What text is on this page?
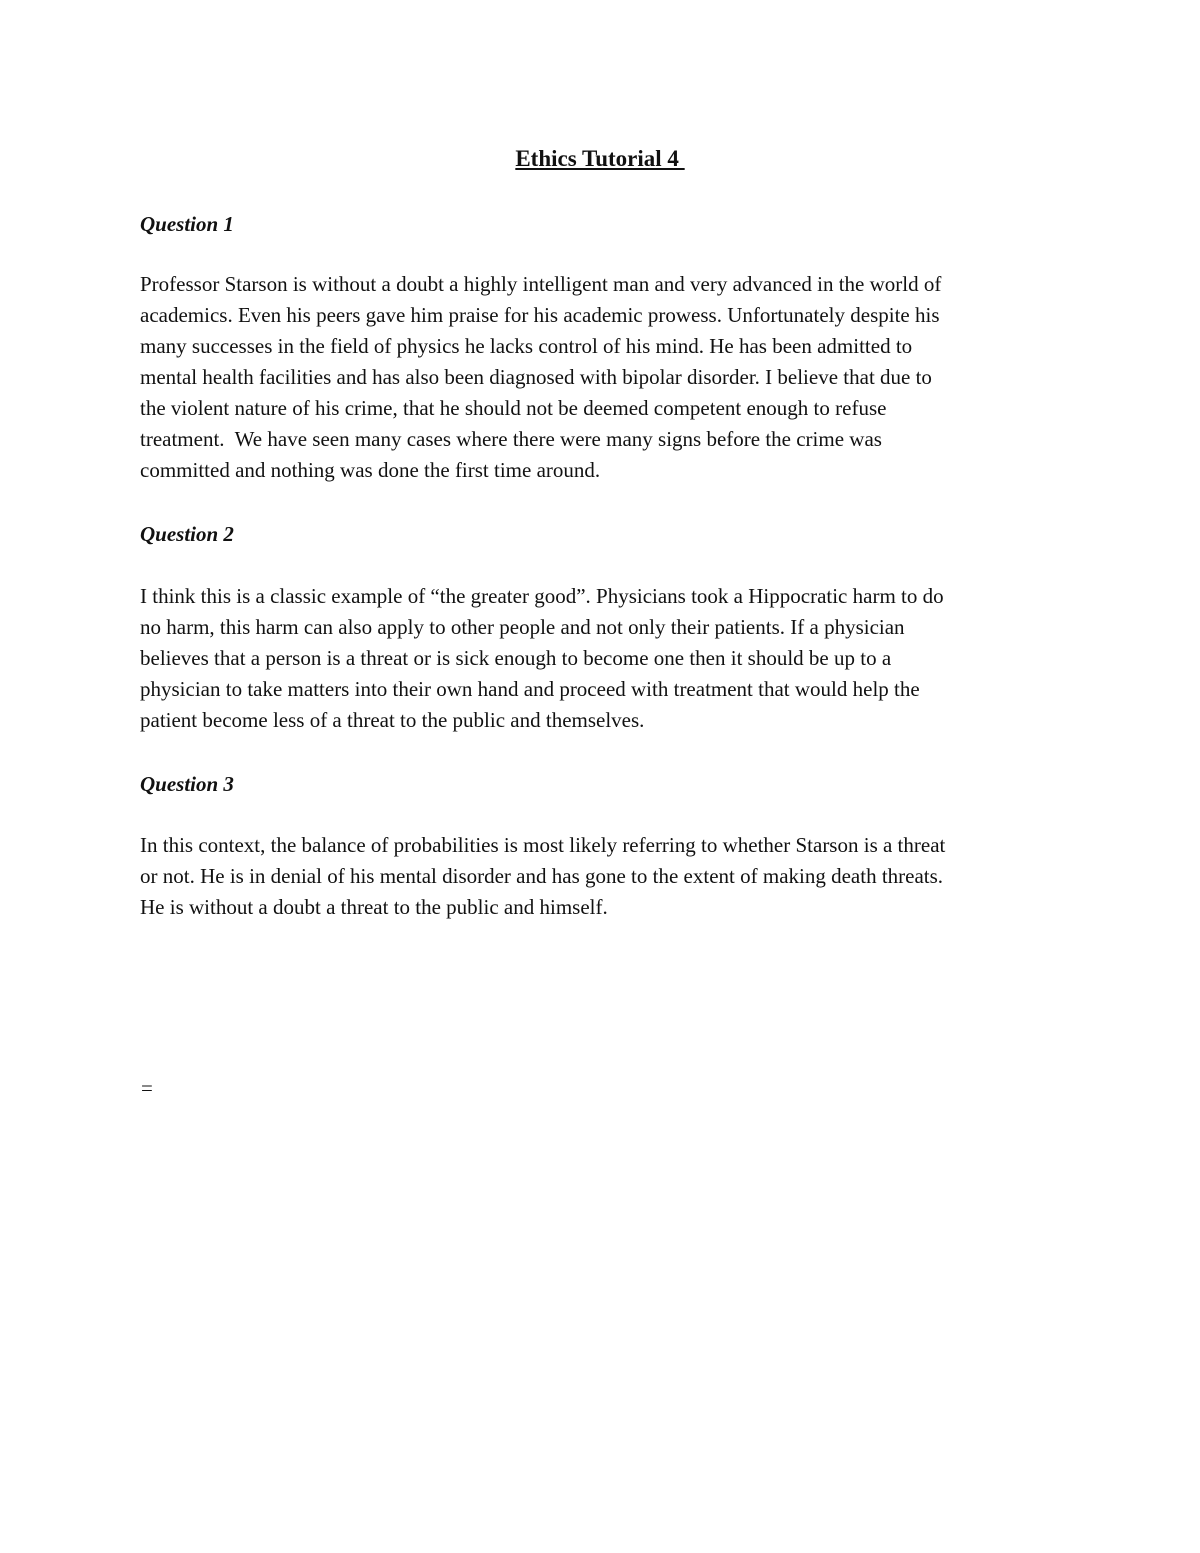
Ethics Tutorial 4
Question 1
Professor Starson is without a doubt a highly intelligent man and very advanced in the world of
academics. Even his peers gave him praise for his academic prowess. Unfortunately despite his
many successes in the field of physics he lacks control of his mind. He has been admitted to
mental health facilities and has also been diagnosed with bipolar disorder. I believe that due to
the violent nature of his crime, that he should not be deemed competent enough to refuse
treatment.  We have seen many cases where there were many signs before the crime was
committed and nothing was done the first time around.
Question 2
I think this is a classic example of “the greater good”. Physicians took a Hippocratic harm to do
no harm, this harm can also apply to other people and not only their patients. If a physician
believes that a person is a threat or is sick enough to become one then it should be up to a
physician to take matters into their own hand and proceed with treatment that would help the
patient become less of a threat to the public and themselves.
Question 3
In this context, the balance of probabilities is most likely referring to whether Starson is a threat
or not. He is in denial of his mental disorder and has gone to the extent of making death threats.
He is without a doubt a threat to the public and himself.
=
